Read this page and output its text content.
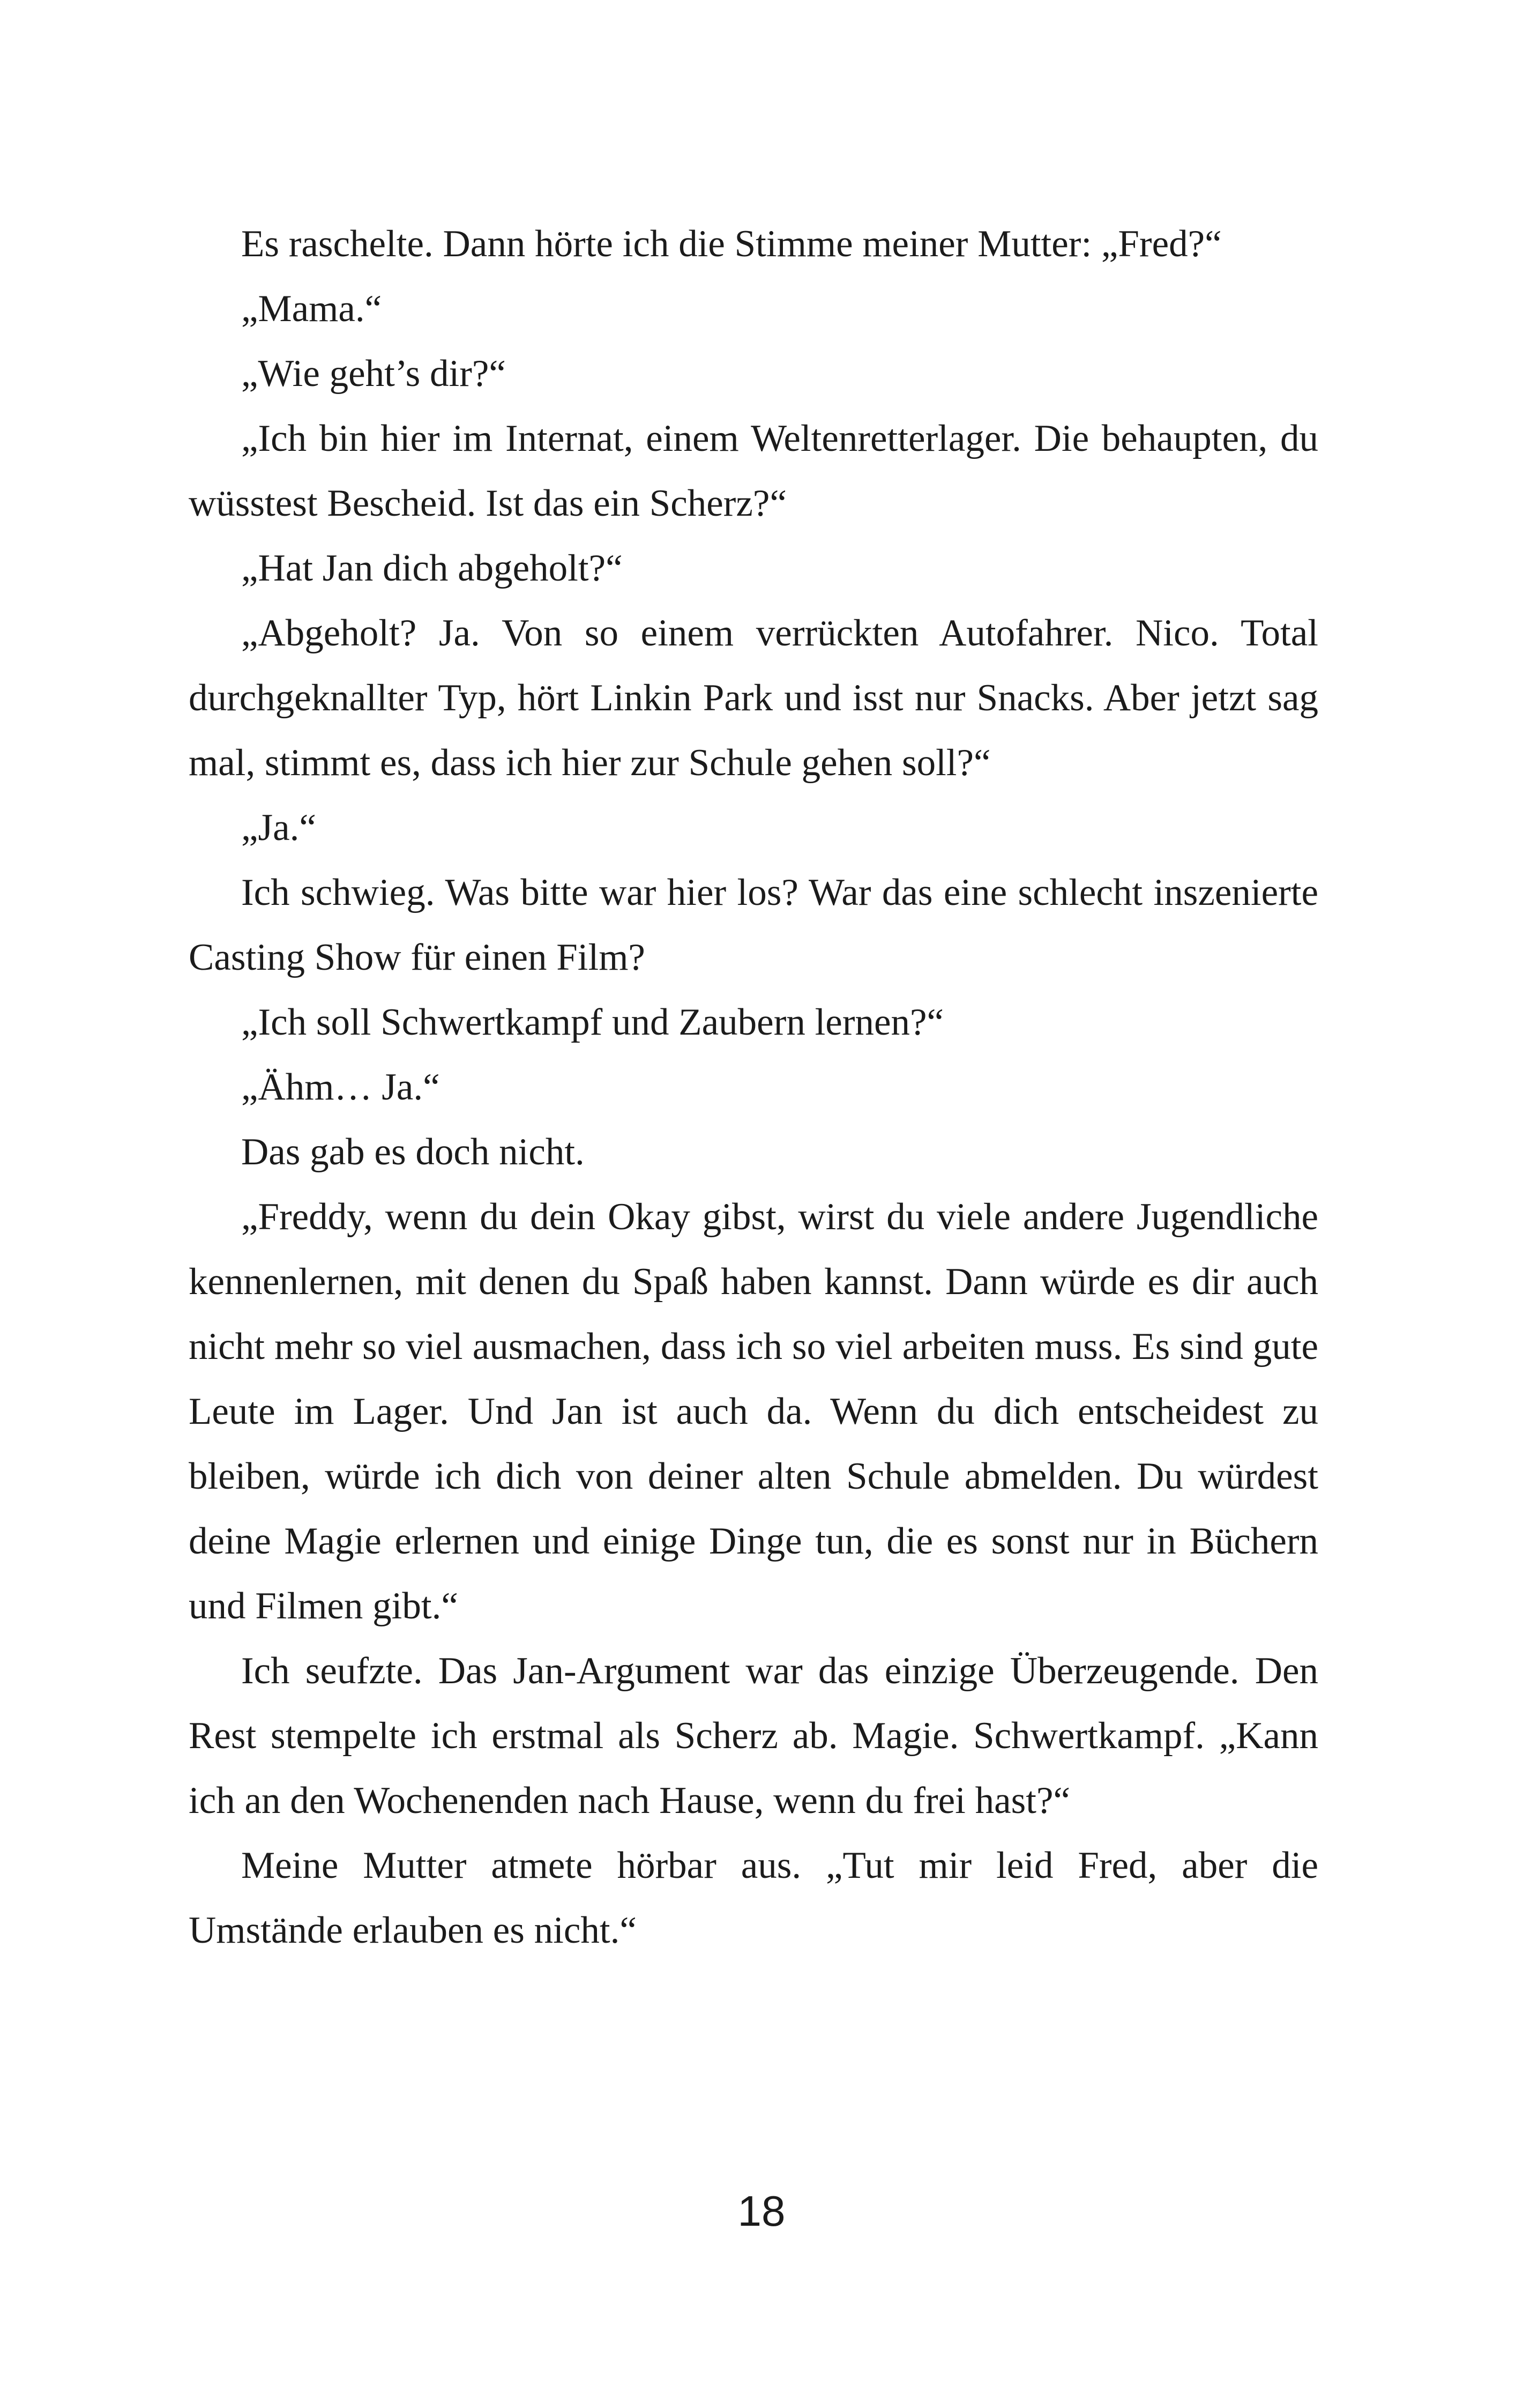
Es raschelte. Dann hörte ich die Stimme meiner Mutter: „Fred?“

„Mama.“

„Wie geht’s dir?“

„Ich bin hier im Internat, einem Weltenretterlager. Die behaupten, du wüsstest Bescheid. Ist das ein Scherz?“

„Hat Jan dich abgeholt?“

„Abgeholt? Ja. Von so einem verrückten Autofahrer. Nico. Total durchgeknallter Typ, hört Linkin Park und isst nur Snacks. Aber jetzt sag mal, stimmt es, dass ich hier zur Schule gehen soll?“

„Ja.“

Ich schwieg. Was bitte war hier los? War das eine schlecht inszenierte Casting Show für einen Film?

„Ich soll Schwertkampf und Zaubern lernen?“

„Ähm… Ja.“

Das gab es doch nicht.

„Freddy, wenn du dein Okay gibst, wirst du viele andere Jugendliche kennenlernen, mit denen du Spaß haben kannst. Dann würde es dir auch nicht mehr so viel ausmachen, dass ich so viel arbeiten muss. Es sind gute Leute im Lager. Und Jan ist auch da. Wenn du dich entscheidest zu bleiben, würde ich dich von deiner alten Schule abmelden. Du würdest deine Magie erlernen und einige Dinge tun, die es sonst nur in Büchern und Filmen gibt.“

Ich seufzte. Das Jan-Argument war das einzige Überzeugende. Den Rest stempelte ich erstmal als Scherz ab. Magie. Schwertkampf. „Kann ich an den Wochenenden nach Hause, wenn du frei hast?“

Meine Mutter atmete hörbar aus. „Tut mir leid Fred, aber die Umstände erlauben es nicht.“

18
